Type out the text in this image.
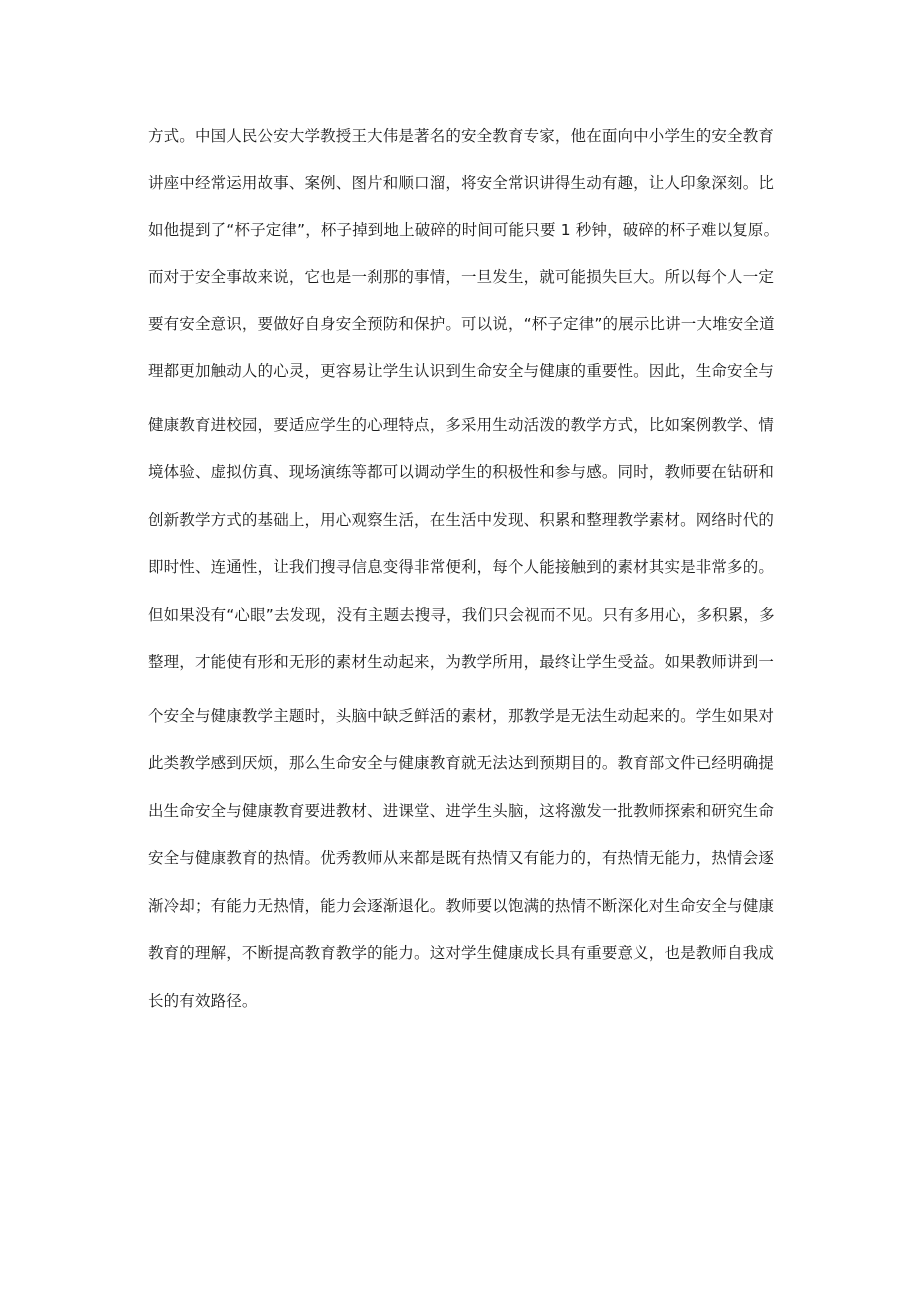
方式。中国人民公安大学教授王大伟是著名的安全教育专家，他在面向中小学生的安全教育
讲座中经常运用故事、案例、图片和顺口溜，将安全常识讲得生动有趣，让人印象深刻。比
如他提到了“杯子定律”，杯子掉到地上破碎的时间可能只要 1 秒钟，破碎的杯子难以复原。
而对于安全事故来说，它也是一刹那的事情，一旦发生，就可能损失巨大。所以每个人一定
要有安全意识，要做好自身安全预防和保护。可以说，“杯子定律”的展示比讲一大堆安全道
理都更加触动人的心灵，更容易让学生认识到生命安全与健康的重要性。因此，生命安全与
健康教育进校园，要适应学生的心理特点，多采用生动活泼的教学方式，比如案例教学、情
境体验、虚拟仿真、现场演练等都可以调动学生的积极性和参与感。同时，教师要在钻研和
创新教学方式的基础上，用心观察生活，在生活中发现、积累和整理教学素材。网络时代的
即时性、连通性，让我们搜寻信息变得非常便利，每个人能接触到的素材其实是非常多的。
但如果没有“心眼”去发现，没有主题去搜寻，我们只会视而不见。只有多用心，多积累，多
整理，才能使有形和无形的素材生动起来，为教学所用，最终让学生受益。如果教师讲到一
个安全与健康教学主题时，头脑中缺乏鲜活的素材，那教学是无法生动起来的。学生如果对
此类教学感到厌烦，那么生命安全与健康教育就无法达到预期目的。教育部文件已经明确提
出生命安全与健康教育要进教材、进课堂、进学生头脑，这将激发一批教师探索和研究生命
安全与健康教育的热情。优秀教师从来都是既有热情又有能力的，有热情无能力，热情会逐
渐冷却；有能力无热情，能力会逐渐退化。教师要以饱满的热情不断深化对生命安全与健康
教育的理解，不断提高教育教学的能力。这对学生健康成长具有重要意义，也是教师自我成
长的有效路径。
